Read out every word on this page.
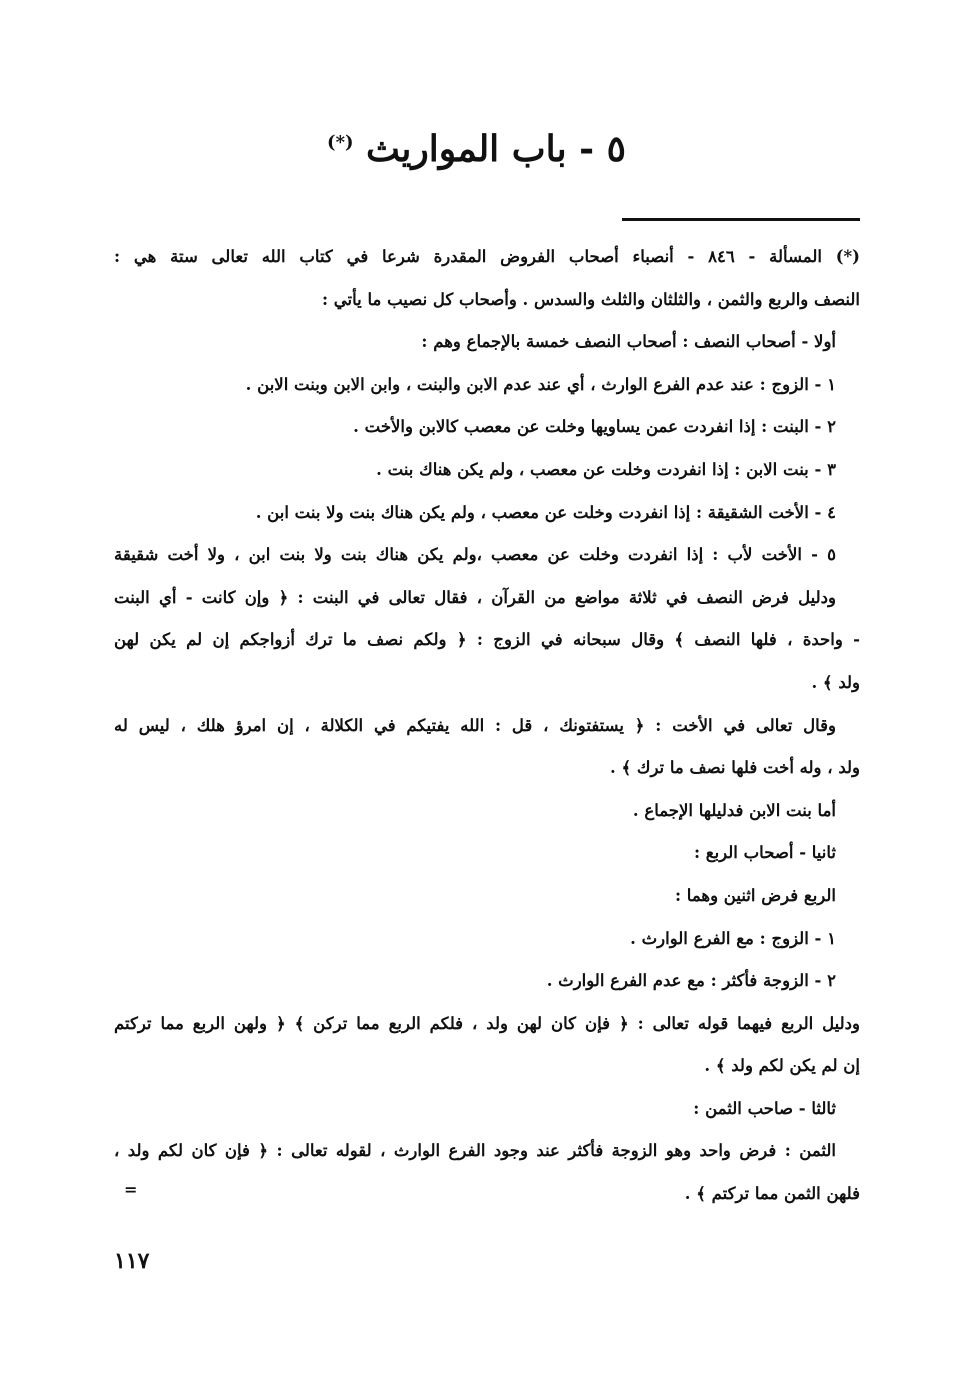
٥ - باب المواريث (*)
(*) المسألة - ٨٤٦ - أنصباء أصحاب الفروض المقدرة شرعا في كتاب الله تعالى ستة هي :
النصف والربع والثمن ، والثلثان والثلث والسدس . وأصحاب كل نصيب ما يأتي :
أولا - أصحاب النصف : أصحاب النصف خمسة بالإجماع وهم :
١ - الزوج : عند عدم الفرع الوارث ، أي عند عدم الابن والبنت ، وابن الابن وبنت الابن .
٢ - البنت : إذا انفردت عمن يساويها وخلت عن معصب كالابن والأخت .
٣ - بنت الابن : إذا انفردت وخلت عن معصب ، ولم يكن هناك بنت .
٤ - الأخت الشقيقة : إذا انفردت وخلت عن معصب ، ولم يكن هناك بنت ولا بنت ابن .
٥ - الأخت لأب : إذا انفردت وخلت عن معصب ،ولم يكن هناك بنت ولا بنت ابن ، ولا أخت شقيقة
ودليل فرض النصف في ثلاثة مواضع من القرآن ، فقال تعالى في البنت : ﴿ وإن كانت - أي البنت
- واحدة ، فلها النصف ﴾ وقال سبحانه في الزوج : ﴿ ولكم نصف ما ترك أزواجكم إن لم يكن لهن
ولد ﴾ .
وقال تعالى في الأخت : ﴿ يستفتونك ، قل : الله يفتيكم في الكلالة ، إن امرؤ هلك ، ليس له
ولد ، وله أخت فلها نصف ما ترك ﴾ .
أما بنت الابن فدليلها الإجماع .
ثانيا - أصحاب الربع :
الربع فرض اثنين وهما :
١ - الزوج : مع الفرع الوارث .
٢ - الزوجة فأكثر : مع عدم الفرع الوارث .
ودليل الربع فيهما قوله تعالى : ﴿ فإن كان لهن ولد ، فلكم الربع مما تركن ﴾ ﴿ ولهن الربع مما تركتم
إن لم يكن لكم ولد ﴾ .
ثالثا - صاحب الثمن :
الثمن : فرض واحد وهو الزوجة فأكثر عند وجود الفرع الوارث ، لقوله تعالى : ﴿ فإن كان لكم ولد ،
فلهن الثمن مما تركتم ﴾ .
=
١١٧
